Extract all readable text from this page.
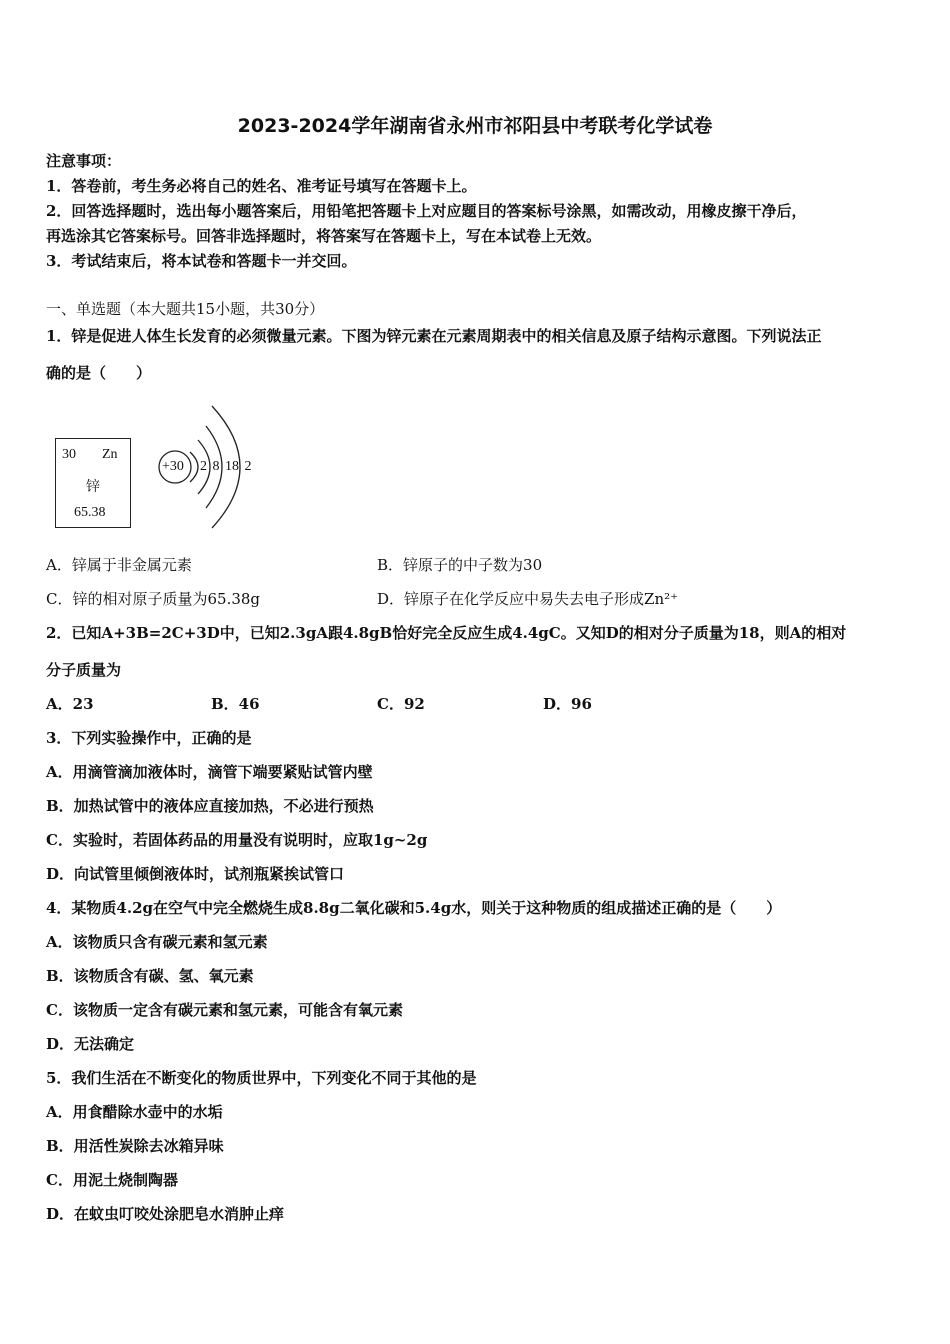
2023-2024学年湖南省永州市祁阳县中考联考化学试卷
注意事项：
1．答卷前，考生务必将自己的姓名、准考证号填写在答题卡上。
2．回答选择题时，选出每小题答案后，用铅笔把答题卡上对应题目的答案标号涂黑，如需改动，用橡皮擦干净后，
再选涂其它答案标号。回答非选择题时，将答案写在答题卡上，写在本试卷上无效。
3．考试结束后，将本试卷和答题卡一并交回。
一、单选题（本大题共15小题，共30分）
1．锌是促进人体生长发育的必须微量元素。下图为锌元素在元素周期表中的相关信息及原子结构示意图。下列说法正
确的是（　　）
30 Zn
锌
65.38
+30 2 8 18 2
A．锌属于非金属元素	B．锌原子的中子数为30
C．锌的相对原子质量为65.38g	D．锌原子在化学反应中易失去电子形成Zn²⁺
2．已知A+3B=2C+3D中，已知2.3gA跟4.8gB恰好完全反应生成4.4gC。又知D的相对分子质量为18，则A的相对
分子质量为
A．23	B．46	C．92	D．96
3．下列实验操作中，正确的是
A．用滴管滴加液体时，滴管下端要紧贴试管内壁
B．加热试管中的液体应直接加热，不必进行预热
C．实验时，若固体药品的用量没有说明时，应取1g~2g
D．向试管里倾倒液体时，试剂瓶紧挨试管口
4．某物质4.2g在空气中完全燃烧生成8.8g二氧化碳和5.4g水，则关于这种物质的组成描述正确的是（　　）
A．该物质只含有碳元素和氢元素
B．该物质含有碳、氢、氧元素
C．该物质一定含有碳元素和氢元素，可能含有氧元素
D．无法确定
5．我们生活在不断变化的物质世界中，下列变化不同于其他的是
A．用食醋除水壶中的水垢
B．用活性炭除去冰箱异味
C．用泥土烧制陶器
D．在蚊虫叮咬处涂肥皂水消肿止痒
